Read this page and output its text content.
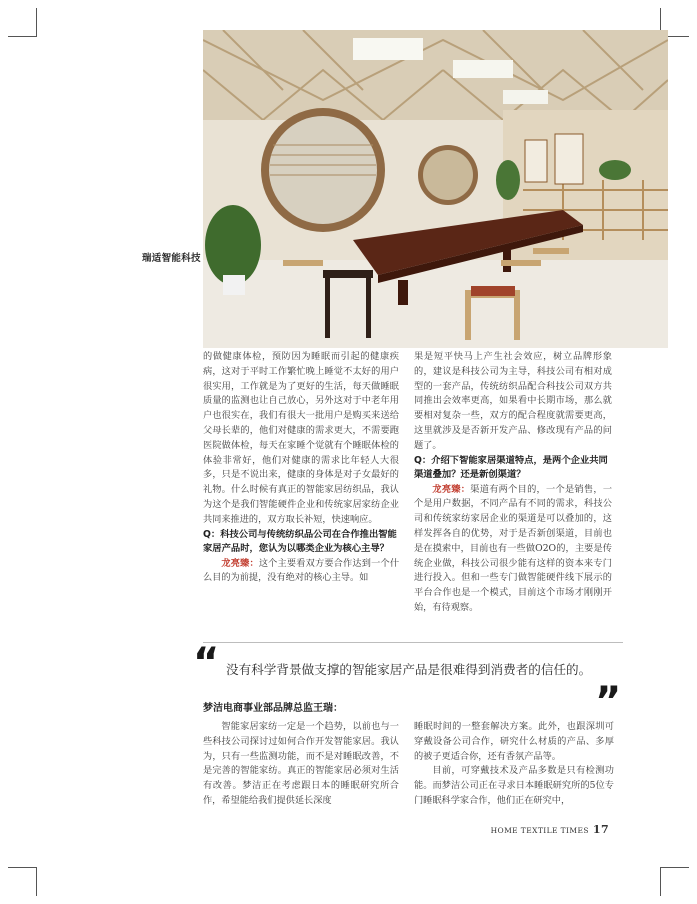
瑞适智能科技

的做健康体检，预防因为睡眠而引起的健康疾病，这对于平时工作繁忙晚上睡觉不太好的用户很实用，工作就是为了更好的生活，每天做睡眠质量的监测也让自己放心，另外这对于中老年用户也很实在，我们有很大一批用户是购买来送给父母长辈的，他们对健康的需求更大，不需要跑医院做体检，每天在家睡个觉就有个睡眠体检的体验非常好，他们对健康的需求比年轻人大很多，只是不说出来，健康的身体是对子女最好的礼物。什么时候有真正的智能家居纺织品，我认为这个是我们智能硬件企业和传统家居家纺企业共同来推进的，双方取长补短，快速响应。

Q：科技公司与传统纺织品公司在合作推出智能家居产品时，您认为以哪类企业为核心主导？

龙亮臻：这个主要看双方要合作达到一个什么目的为前提，没有绝对的核心主导。如

果是短平快马上产生社会效应，树立品牌形象的，建议是科技公司为主导，科技公司有相对成型的一套产品，传统纺织品配合科技公司双方共同推出会效率更高，如果看中长期市场，那么就要相对复杂一些，双方的配合程度就需要更高，这里就涉及是否新开发产品、修改现有产品的问题了。

Q：介绍下智能家居渠道特点，是两个企业共同渠道叠加？还是新创渠道？

龙亮臻：渠道有两个目的，一个是销售，一个是用户数据，不同产品有不同的需求，科技公司和传统家纺家居企业的渠道是可以叠加的，这样发挥各自的优势，对于是否新创渠道，目前也是在摸索中，目前也有一些做O2O的，主要是传统企业做，科技公司很少能有这样的资本来专门进行投入。但和一些专门做智能硬件线下展示的平台合作也是一个模式，目前这个市场才刚刚开始，有待观察。

“ 没有科学背景做支撑的智能家居产品是很难得到消费者的信任的。
”
梦洁电商事业部品牌总监王瑞：

智能家居家纺一定是一个趋势，以前也与一些科技公司探讨过如何合作开发智能家居。我认为，只有一些监测功能，而不是对睡眠改善，不是完善的智能家纺。真正的智能家居必须对生活有改善。梦洁正在考虑跟日本的睡眠研究所合作，希望能给我们提供延长深度

睡眠时间的一整套解决方案。此外，也跟深圳可穿戴设备公司合作，研究什么材质的产品、多厚的被子更适合你，还有香氛产品等。

目前，可穿戴技术及产品多数是只有检测功能。而梦洁公司正在寻求日本睡眠研究所的5位专门睡眠科学家合作，他们正在研究中，

HOME TEXTILE TIMES 17
